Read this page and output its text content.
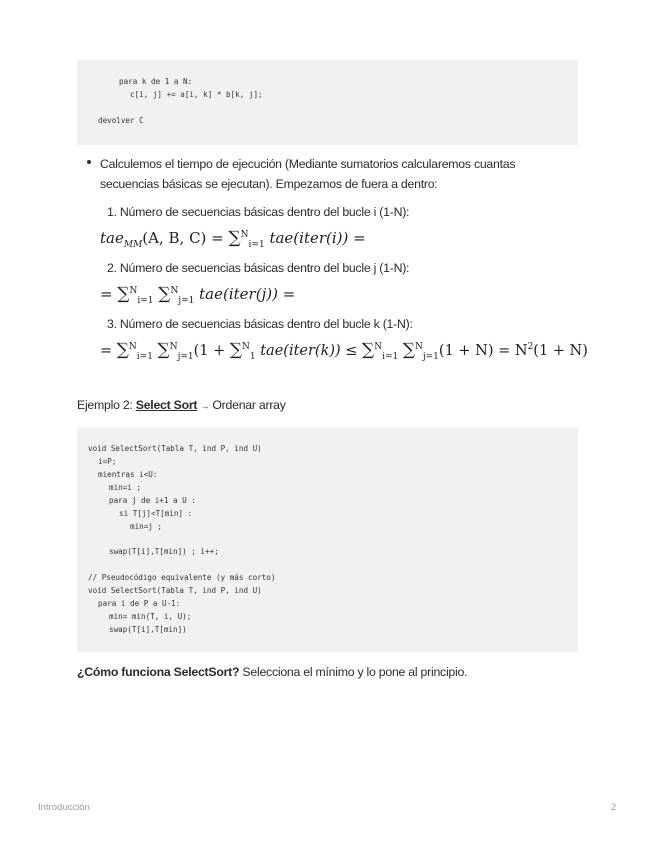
para k de 1 a N:
c[i, j] += a[i, k] * b[k, j];
devolver C
Calculemos el tiempo de ejecución (Mediante sumatorios calcularemos cuantas
secuencias básicas se ejecutan). Empezamos de fuera a dentro:
1. Número de secuencias básicas dentro del bucle i (1-N):
tae$_{MM}$(A, B, C) = ∑$^N_{i=1}$ tae(iter(i)) =
2. Número de secuencias básicas dentro del bucle j (1-N):
= ∑$^N_{i=1}$ ∑$^N_{j=1}$ tae(iter(j)) =
3. Número de secuencias básicas dentro del bucle k (1-N):
= ∑$^N_{i=1}$ ∑$^N_{j=1}$(1 + ∑$^N_1$ tae(iter(k)) ≤ ∑$^N_{i=1}$ $\sum^N_{j=1}(1 + N) = N^2(1 + N)$
Ejemplo 2: Select Sort → Ordenar array
void SelectSort(Tabla T, ind P, ind U)
i=P;
mientras i<U:
min=i ;
para j de i+1 a U :
si T[j]<T[min] :
min=j ;
swap(T[i],T[min]) ; i++;
// Pseudocódigo equivalente (y más corto)
void SelectSort(Tabla T, ind P, ind U)
para i de P a U-1:
min= min(T, i, U);
swap(T[i],T[min])
¿Cómo funciona SelectSort? Selecciona el mínimo y lo pone al principio.
Introducción	2
